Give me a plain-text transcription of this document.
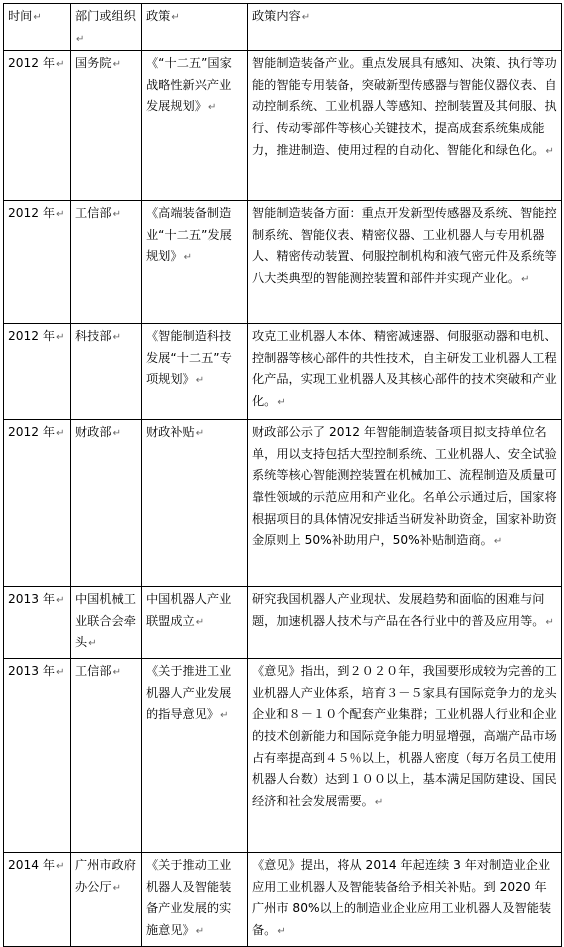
时间↵	部门或组织↵	政策↵	政策内容↵
2012 年↵	国务院↵	《“十二五”国家战略性新兴产业发展规划》↵	智能制造装备产业。重点发展具有感知、决策、执行等功能的智能专用装备，突破新型传感器与智能仪器仪表、自动控制系统、工业机器人等感知、控制装置及其伺服、执行、传动零部件等核心关键技术，提高成套系统集成能力，推进制造、使用过程的自动化、智能化和绿色化。↵
2012 年↵	工信部↵	《高端装备制造业“十二五”发展规划》↵	智能制造装备方面：重点开发新型传感器及系统、智能控制系统、智能仪表、精密仪器、工业机器人与专用机器人、精密传动装置、伺服控制机构和液气密元件及系统等八大类典型的智能测控装置和部件并实现产业化。↵
2012 年↵	科技部↵	《智能制造科技发展“十二五”专项规划》↵	攻克工业机器人本体、精密减速器、伺服驱动器和电机、控制器等核心部件的共性技术，自主研发工业机器人工程化产品，实现工业机器人及其核心部件的技术突破和产业化。↵
2012 年↵	财政部↵	财政补贴↵	财政部公示了 2012 年智能制造装备项目拟支持单位名单，用以支持包括大型控制系统、工业机器人、安全试验系统等核心智能测控装置在机械加工、流程制造及质量可靠性领域的示范应用和产业化。名单公示通过后，国家将根据项目的具体情况安排适当研发补助资金，国家补助资金原则上 50%补助用户，50%补贴制造商。↵
2013 年↵	中国机械工业联合会牵头↵	中国机器人产业联盟成立↵	研究我国机器人产业现状、发展趋势和面临的困难与问题，加速机器人技术与产品在各行业中的普及应用等。↵
2013 年↵	工信部↵	《关于推进工业机器人产业发展的指导意见》↵	《意见》指出，到２０２０年，我国要形成较为完善的工业机器人产业体系，培育３－５家具有国际竞争力的龙头企业和８－１０个配套产业集群；工业机器人行业和企业的技术创新能力和国际竞争能力明显增强，高端产品市场占有率提高到４５％以上，机器人密度（每万名员工使用机器人台数）达到１００以上，基本满足国防建设、国民经济和社会发展需要。↵
2014 年↵	广州市政府办公厅↵	《关于推动工业机器人及智能装备产业发展的实施意见》↵	《意见》提出，将从 2014 年起连续 3 年对制造业企业应用工业机器人及智能装备给予相关补贴。到 2020 年广州市 80%以上的制造业企业应用工业机器人及智能装备。↵
